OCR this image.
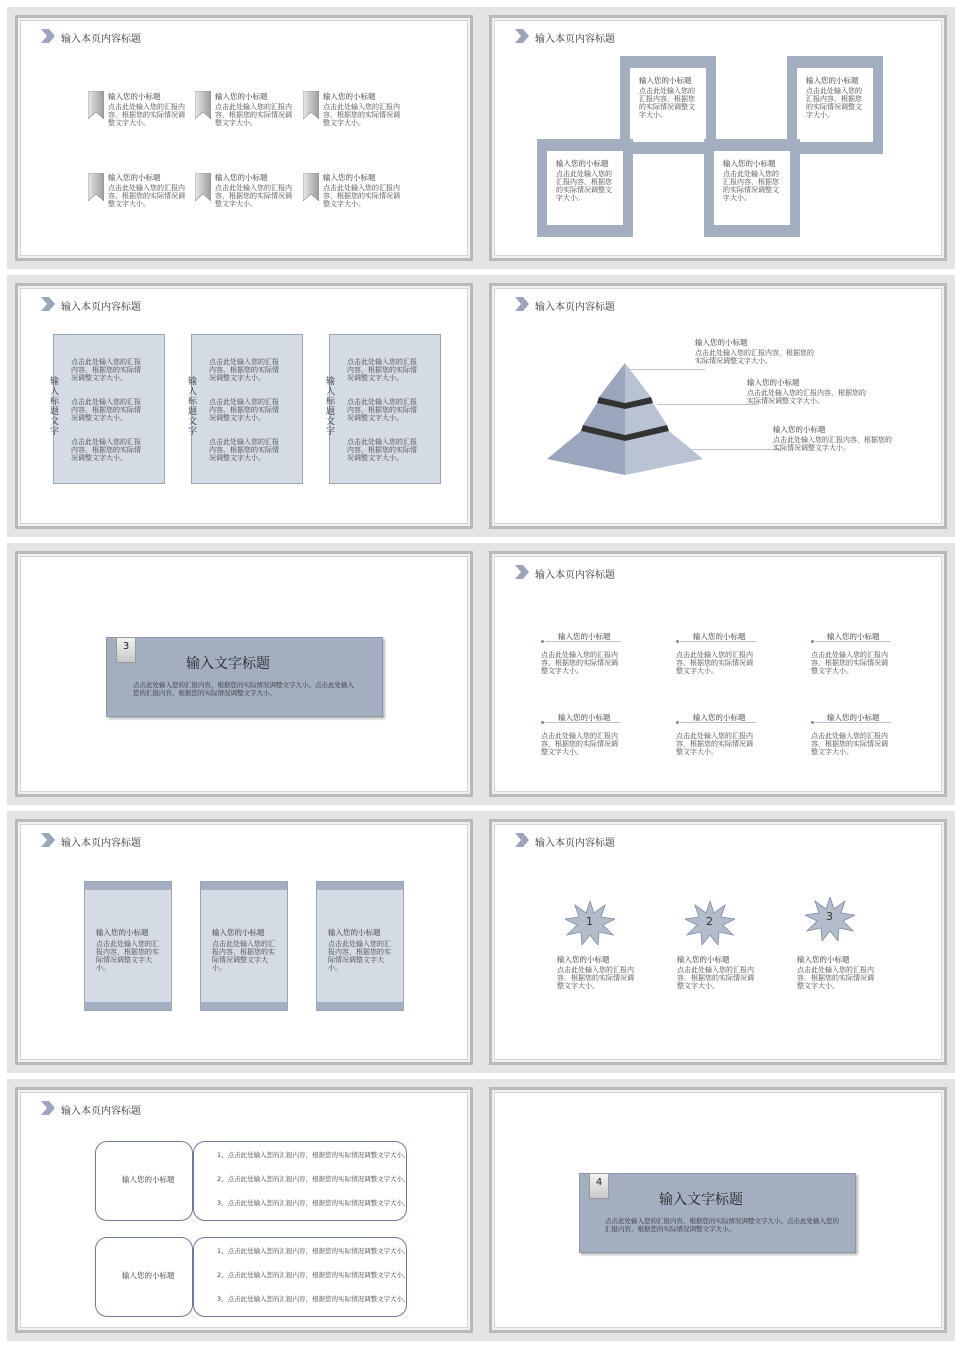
输入本页内容标题
输入您的小标题
点击此处输入您的汇报内容，根据您的实际情况调整文字大小。
输入您的小标题
点击此处输入您的汇报内容，根据您的实际情况调整文字大小。
输入您的小标题
点击此处输入您的汇报内容，根据您的实际情况调整文字大小。
输入您的小标题
点击此处输入您的汇报内容，根据您的实际情况调整文字大小。
输入您的小标题
点击此处输入您的汇报内容，根据您的实际情况调整文字大小。
输入您的小标题
点击此处输入您的汇报内容，根据您的实际情况调整文字大小。
输入本页内容标题
输入您的小标题
点击此处输入您的汇报内容，根据您的实际情况调整文字大小。
输入您的小标题
点击此处输入您的汇报内容，根据您的实际情况调整文字大小。
输入您的小标题
点击此处输入您的汇报内容，根据您的实际情况调整文字大小。
输入您的小标题
点击此处输入您的汇报内容，根据您的实际情况调整文字大小。
输入本页内容标题
输入标题文字
点击此处输入您的汇报内容，根据您的实际情况调整文字大小。
点击此处输入您的汇报内容，根据您的实际情况调整文字大小。
点击此处输入您的汇报内容，根据您的实际情况调整文字大小。
输入标题文字
点击此处输入您的汇报内容，根据您的实际情况调整文字大小。
点击此处输入您的汇报内容，根据您的实际情况调整文字大小。
点击此处输入您的汇报内容，根据您的实际情况调整文字大小。
输入标题文字
点击此处输入您的汇报内容，根据您的实际情况调整文字大小。
点击此处输入您的汇报内容，根据您的实际情况调整文字大小。
点击此处输入您的汇报内容，根据您的实际情况调整文字大小。
输入本页内容标题
输入您的小标题
点击此处输入您的汇报内容，根据您的实际情况调整文字大小。
输入您的小标题
点击此处输入您的汇报内容，根据您的实际情况调整文字大小。
输入您的小标题
点击此处输入您的汇报内容，根据您的实际情况调整文字大小。
3
输入文字标题
点击此处输入您的汇报内容，根据您的实际情况调整文字大小。点击此处输入您的汇报内容，根据您的实际情况调整文字大小。
输入本页内容标题
输入您的小标题
点击此处输入您的汇报内容，根据您的实际情况调整文字大小。
输入您的小标题
点击此处输入您的汇报内容，根据您的实际情况调整文字大小。
输入您的小标题
点击此处输入您的汇报内容，根据您的实际情况调整文字大小。
输入您的小标题
点击此处输入您的汇报内容，根据您的实际情况调整文字大小。
输入您的小标题
点击此处输入您的汇报内容，根据您的实际情况调整文字大小。
输入您的小标题
点击此处输入您的汇报内容，根据您的实际情况调整文字大小。
输入本页内容标题
输入您的小标题
点击此处输入您的汇报内容，根据您的实际情况调整文字大小。
输入您的小标题
点击此处输入您的汇报内容，根据您的实际情况调整文字大小。
输入您的小标题
点击此处输入您的汇报内容，根据您的实际情况调整文字大小。
输入本页内容标题
1
输入您的小标题
点击此处输入您的汇报内容，根据您的实际情况调整文字大小。
2
输入您的小标题
点击此处输入您的汇报内容，根据您的实际情况调整文字大小。
3
输入您的小标题
点击此处输入您的汇报内容，根据您的实际情况调整文字大小。
输入本页内容标题
输入您的小标题
1、点击此处输入您的汇报内容，根据您的实际情况调整文字大小。
2、点击此处输入您的汇报内容，根据您的实际情况调整文字大小。
3、点击此处输入您的汇报内容，根据您的实际情况调整文字大小。
输入您的小标题
1、点击此处输入您的汇报内容，根据您的实际情况调整文字大小。
2、点击此处输入您的汇报内容，根据您的实际情况调整文字大小。
3、点击此处输入您的汇报内容，根据您的实际情况调整文字大小。
4
输入文字标题
点击此处输入您的汇报内容，根据您的实际情况调整文字大小。点击此处输入您的汇报内容，根据您的实际情况调整文字大小。
